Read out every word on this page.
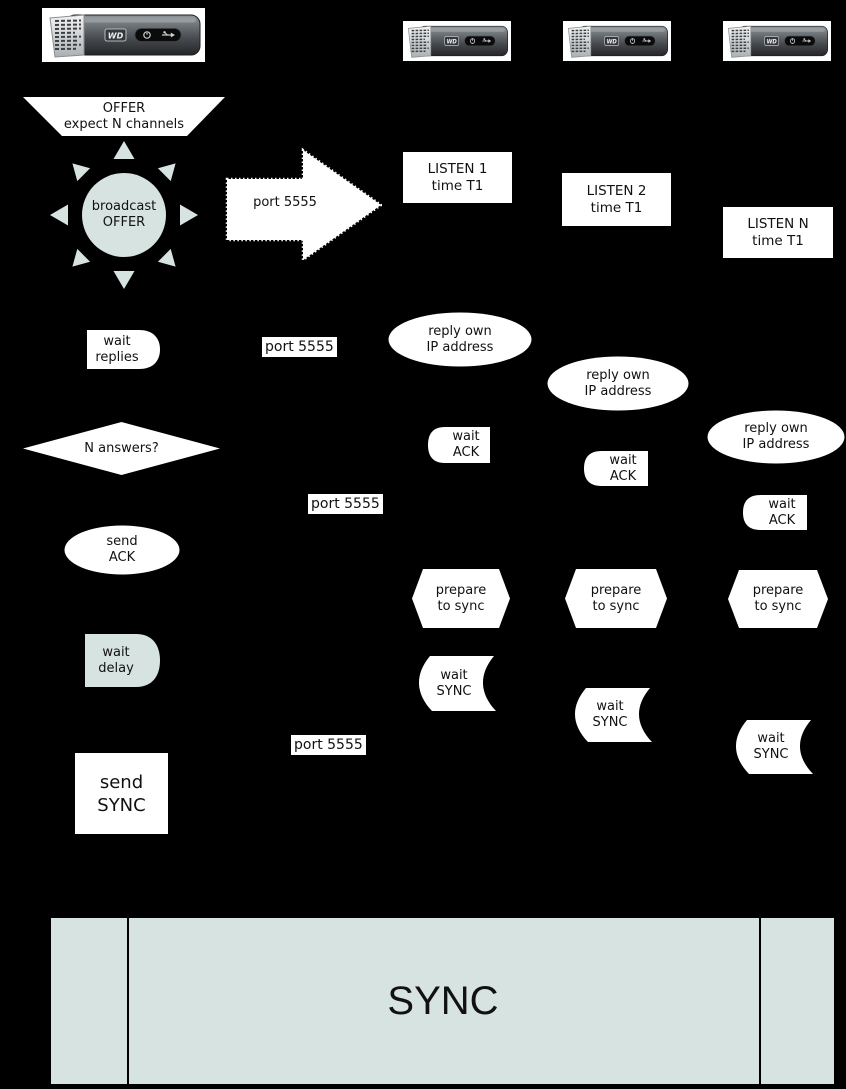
OFFER
expect N channels
broadcast
OFFER
port 5555
wait
replies
port 5555
N answers?
port 5555
send
ACK
wait
delay
port 5555
send
SYNC
LISTEN 1
time T1
reply own
IP address
wait
ACK
prepare
to sync
wait
SYNC
LISTEN 2
time T1
reply own
IP address
wait
ACK
prepare
to sync
wait
SYNC
LISTEN N
time T1
reply own
IP address
wait
ACK
prepare
to sync
wait
SYNC
SYNC
